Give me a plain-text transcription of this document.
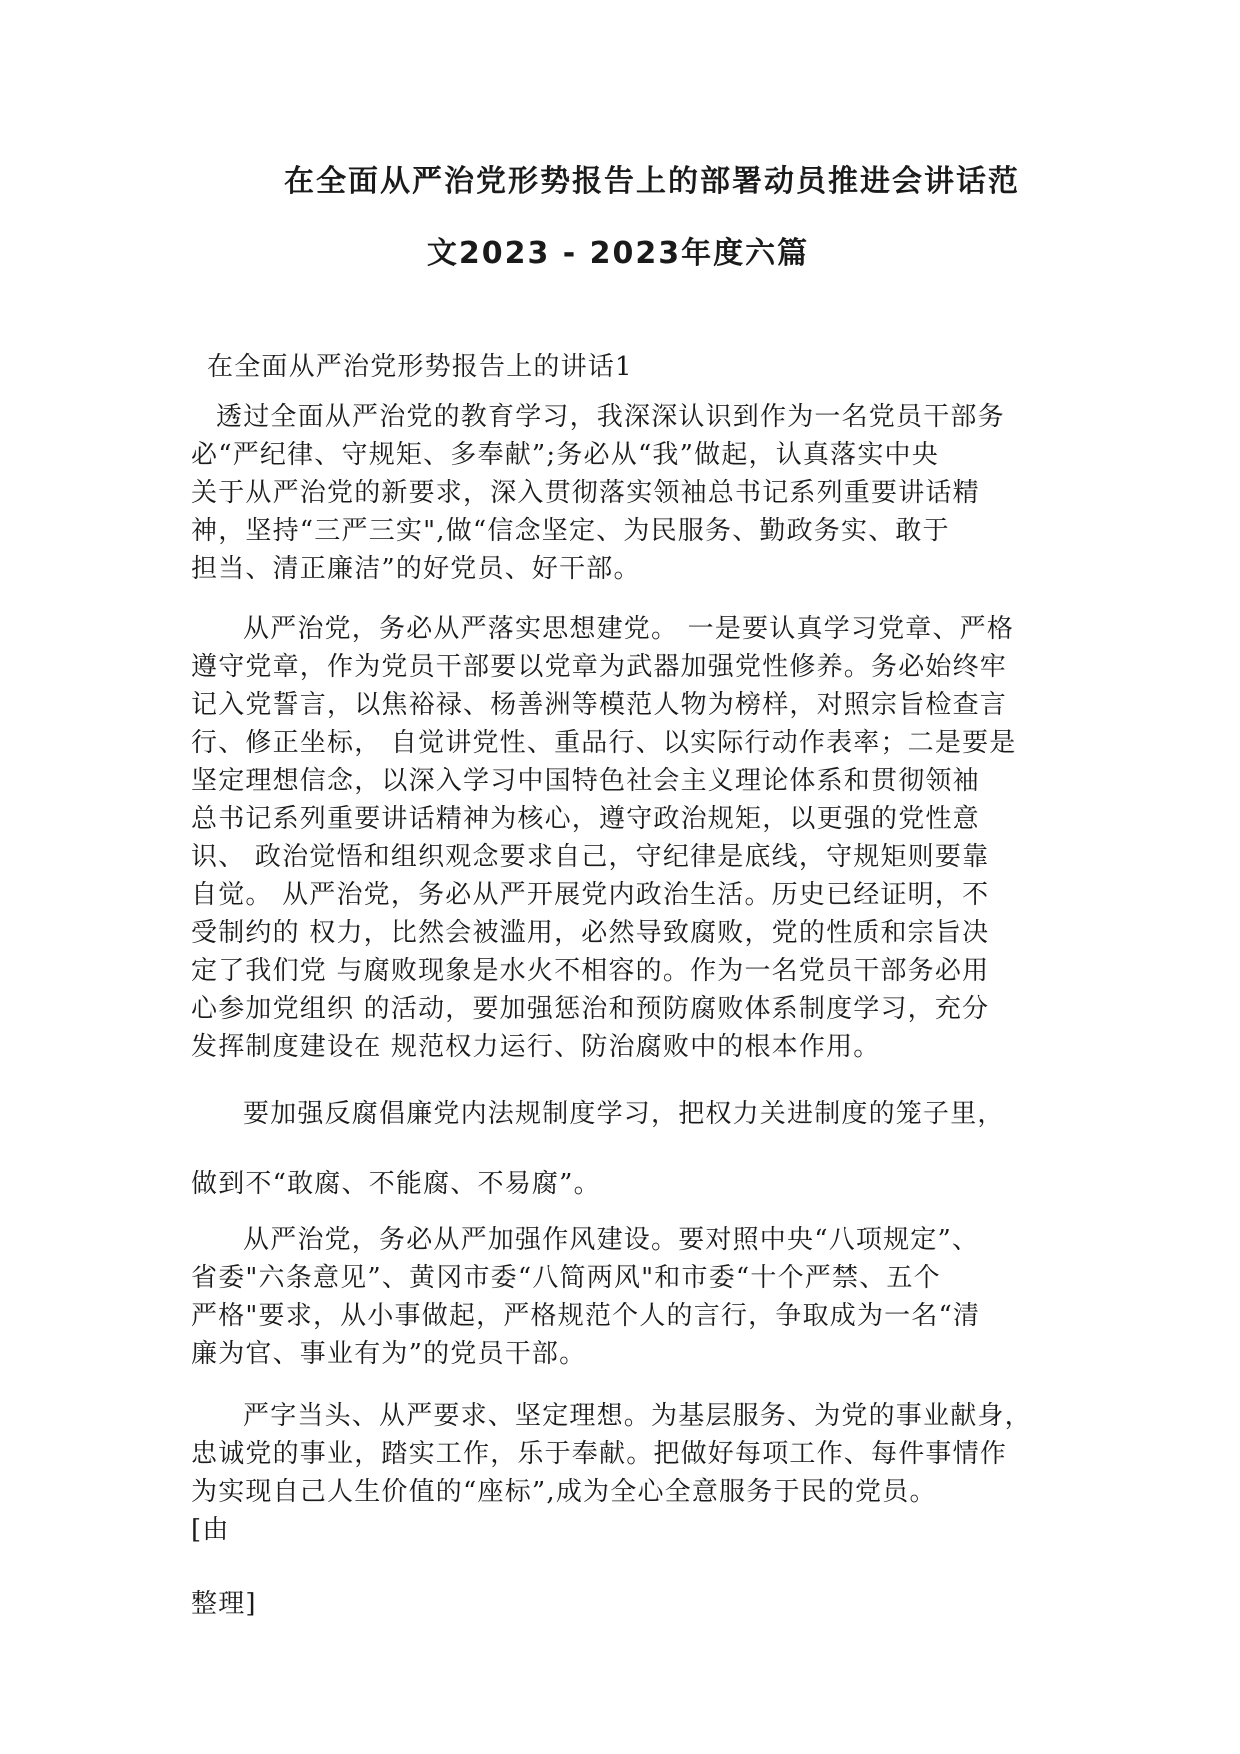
在全面从严治党形势报告上的部署动员推进会讲话范
文2023 - 2023年度六篇

在全面从严治党形势报告上的讲话1

透过全面从严治党的教育学习，我深深认识到作为一名党员干部务

必“严纪律、守规矩、多奉献”;务必从“我”做起，认真落实中央

关于从严治党的新要求，深入贯彻落实领袖总书记系列重要讲话精

神，坚持“三严三实",做“信念坚定、为民服务、勤政务实、敢于

担当、清正廉洁”的好党员、好干部。

从严治党，务必从严落实思想建党。 一是要认真学习党章、严格

遵守党章，作为党员干部要以党章为武器加强党性修养。务必始终牢

记入党誓言，以焦裕禄、杨善洲等模范人物为榜样，对照宗旨检查言

行、修正坐标， 自觉讲党性、重品行、以实际行动作表率；二是要是

坚定理想信念，以深入学习中国特色社会主义理论体系和贯彻领袖

总书记系列重要讲话精神为核心，遵守政治规矩，以更强的党性意

识、 政治觉悟和组织观念要求自己，守纪律是底线，守规矩则要靠

自觉。 从严治党，务必从严开展党内政治生活。历史已经证明，不

受制约的 权力，比然会被滥用，必然导致腐败，党的性质和宗旨决

定了我们党 与腐败现象是水火不相容的。作为一名党员干部务必用

心参加党组织 的活动，要加强惩治和预防腐败体系制度学习，充分

发挥制度建设在 规范权力运行、防治腐败中的根本作用。

要加强反腐倡廉党内法规制度学习，把权力关进制度的笼子里，

做到不“敢腐、不能腐、不易腐”。

从严治党，务必从严加强作风建设。要对照中央“八项规定”、

省委"六条意见”、黄冈市委“八简两风"和市委“十个严禁、五个

严格"要求，从小事做起，严格规范个人的言行，争取成为一名“清

廉为官、事业有为”的党员干部。

严字当头、从严要求、坚定理想。为基层服务、为党的事业献身，

忠诚党的事业，踏实工作，乐于奉献。把做好每项工作、每件事情作

为实现自己人生价值的“座标”,成为全心全意服务于民的党员。

[由

整理]
